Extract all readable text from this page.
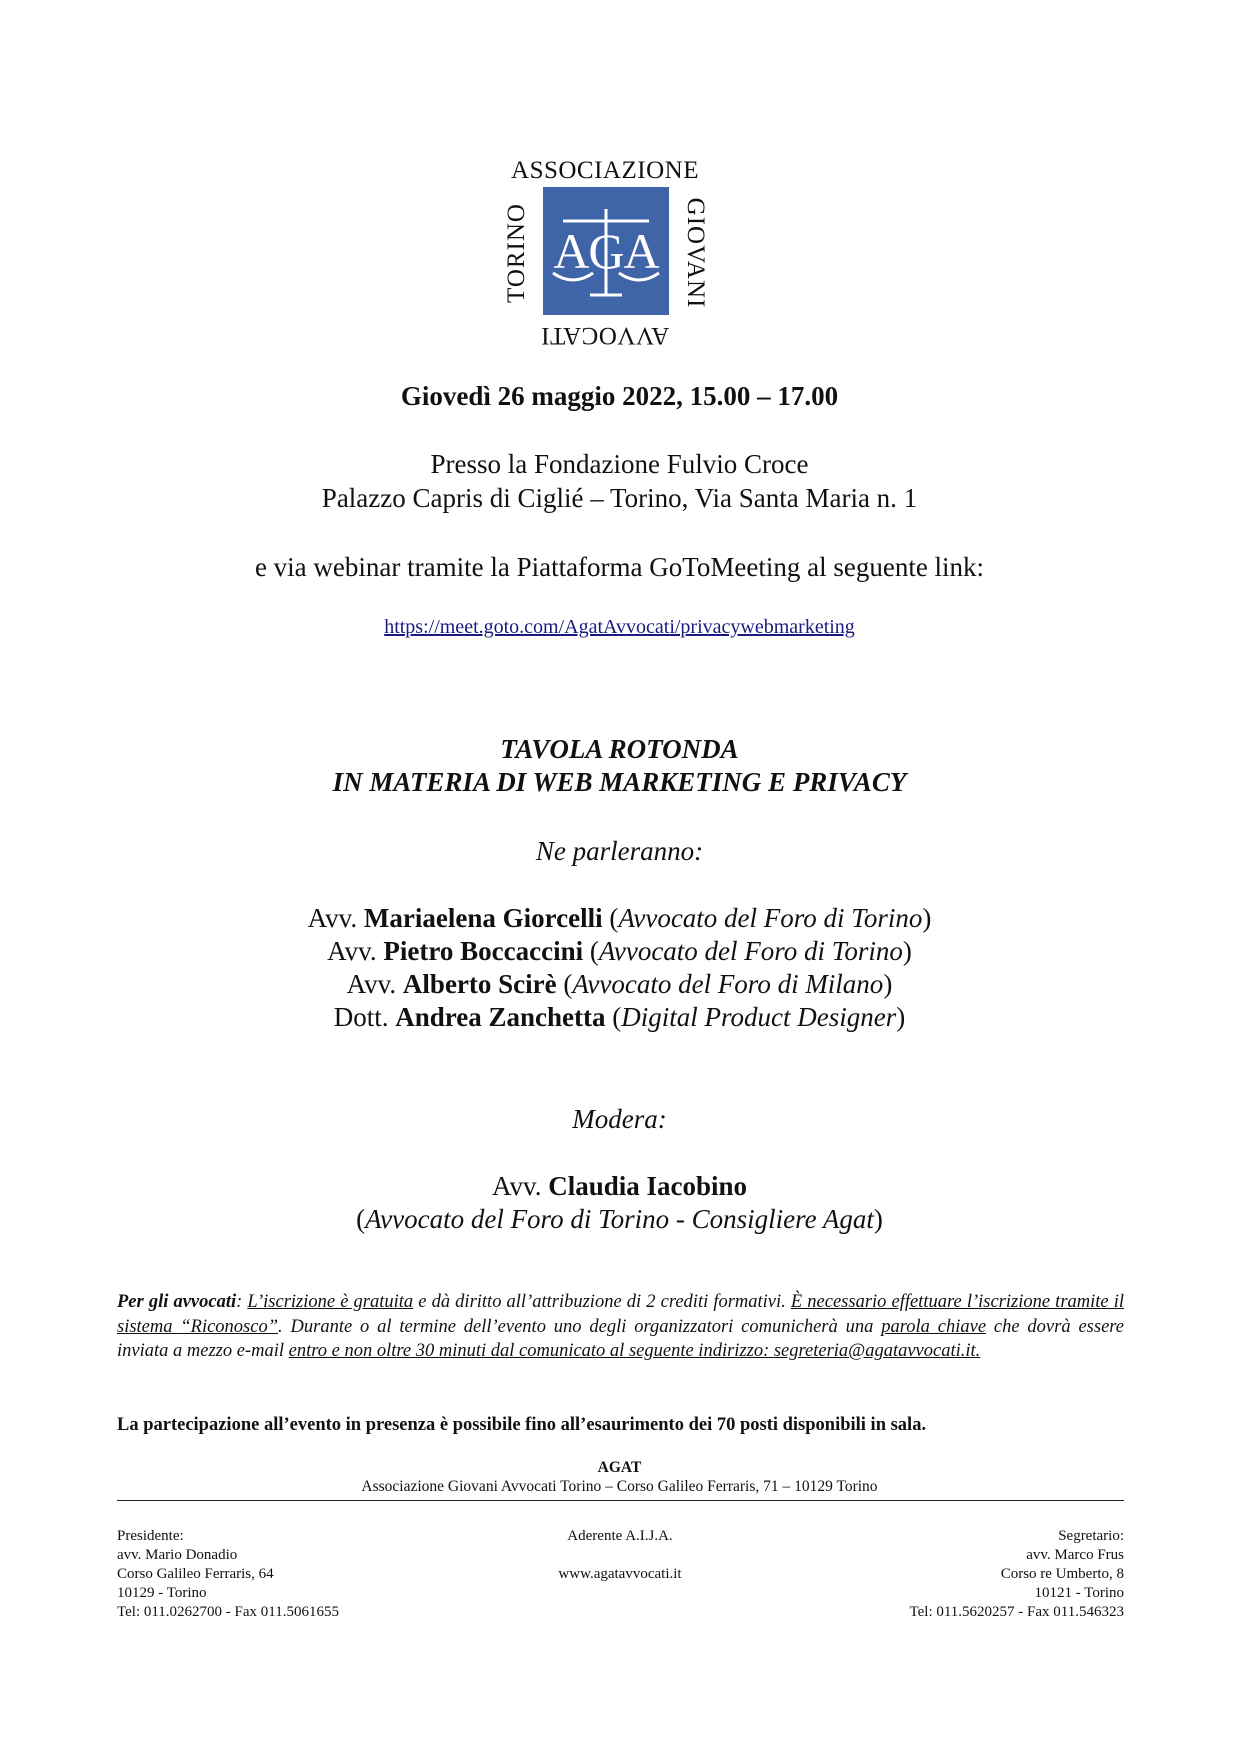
ASSOCIAZIONE
TORINO	GIOVANI
AVVOCATI
AGA
Giovedì 26 maggio 2022, 15.00 – 17.00
Presso la Fondazione Fulvio Croce
Palazzo Capris di Ciglié – Torino, Via Santa Maria n. 1
e via webinar tramite la Piattaforma GoToMeeting al seguente link:
https://meet.goto.com/AgatAvvocati/privacywebmarketing
TAVOLA ROTONDA
IN MATERIA DI WEB MARKETING E PRIVACY
Ne parleranno:
Avv. Mariaelena Giorcelli (Avvocato del Foro di Torino)
Avv. Pietro Boccaccini (Avvocato del Foro di Torino)
Avv. Alberto Scirè (Avvocato del Foro di Milano)
Dott. Andrea Zanchetta (Digital Product Designer)
Modera:
Avv. Claudia Iacobino
(Avvocato del Foro di Torino - Consigliere Agat)
Per gli avvocati: L’iscrizione è gratuita e dà diritto all’attribuzione di 2 crediti formativi. È necessario effettuare l’iscrizione tramite il sistema “Riconosco”. Durante o al termine dell’evento uno degli organizzatori comunicherà una parola chiave che dovrà essere inviata a mezzo e-mail entro e non oltre 30 minuti dal comunicato al seguente indirizzo: segreteria@agatavvocati.it.
La partecipazione all’evento in presenza è possibile fino all’esaurimento dei 70 posti disponibili in sala.
AGAT
Associazione Giovani Avvocati Torino – Corso Galileo Ferraris, 71 – 10129 Torino
Presidente:
avv. Mario Donadio
Corso Galileo Ferraris, 64
10129 - Torino
Tel: 011.0262700 - Fax 011.5061655
Aderente A.I.J.A.
www.agatavvocati.it
Segretario:
avv. Marco Frus
Corso re Umberto, 8
10121 - Torino
Tel: 011.5620257 - Fax 011.546323
